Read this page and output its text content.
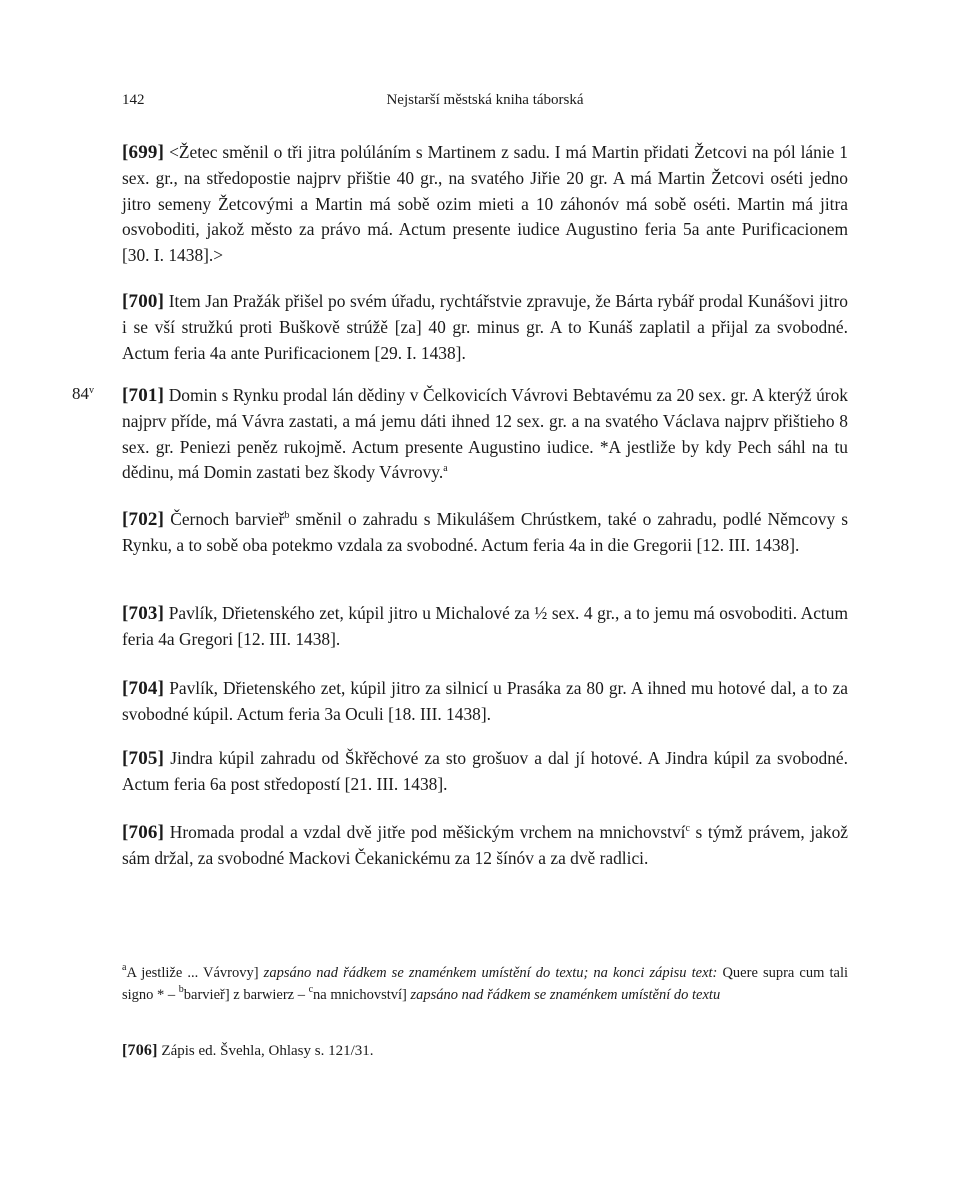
142	Nejstarší městská kniha táborská
[ 699 ] <Žetec směnil o tři jitra polúláním s Martinem z sadu. I má Martin přidati Žetcovi na pól lánie 1 sex. gr., na středopostie najprv přištie 40 gr., na svatého Jiřie 20 gr. A má Martin Žetcovi oséti jedno jitro semeny Žetcovými a Martin má sobě ozim mieti a 10 záhonóv má sobě oséti. Martin má jitra osvoboditi, jakož město za právo má. Actum presente iudice Augustino feria 5a ante Purificacionem [30. I. 1438].>
[ 700 ] Item Jan Pražák přišel po svém úřadu, rychtářstvie zpravuje, že Bárta rybář prodal Kunášovi jitro i se vší stružkú proti Buškově strúžě [za] 40 gr. minus gr. A to Kunáš zaplatil a přijal za svobodné. Actum feria 4a ante Purificacionem [29. I. 1438].
84$^v$
[	701 ] Domin s Rynku prodal lán dědiny v Čelkovicích Vávrovi Bebtavému za 20 sex. gr. A kterýž úrok najprv příde, má Vávra zastati, a má jemu dáti ihned 12 sex. gr. a na svatého Václava najprv přištieho 8 sex. gr. Peniezi peněz rukojmě. Actum presente Augustino iudice. *A jestliže by kdy Pech sáhl na tu dědinu, má Domin zastati bez škody Vávrovy.$^a$
[ 702 ] Černoch barvieř$^b$ směnil o zahradu s Mikulášem Chrústkem, také o zahradu, podlé Němcovy s Rynku, a to sobě oba potekmo vzdala za svobodné. Actum feria 4a in die Gregorii [12. III. 1438].
[ 703 ] Pavlík, Dřietenského zet, kúpil jitro u Michalové za ½ sex. 4 gr., a to jemu má osvoboditi. Actum feria 4a Gregori [12. III. 1438].
[ 704 ] Pavlík, Dřietenského zet, kúpil jitro za silnicí u Prasáka za 80 gr. A ihned mu hotové dal, a to za svobodné kúpil. Actum feria 3a Oculi [18. III. 1438].
[ 705 ] Jindra kúpil zahradu od Škřěchové za sto grošuov a dal jí hotové. A Jindra kúpil za svobodné. Actum feria 6a post středopostí [21. III. 1438].
[ 706 ] Hromada prodal a vzdal dvě jitře pod měšickým vrchem na mnichovství$^c$ s týmž právem, jakož sám držal, za svobodné Mackovi Čekanickému za 12 šínóv a za dvě radlici.
$^a$A jestliže ... Vávrovy] zapsáno nad řádkem se znaménkem umístění do textu; na konci zápisu text: Quere supra cum tali signo * – $^b$barvieř] z barwierz – $^c$na mnichovství] zapsáno nad řádkem se znaménkem umístění do textu
[ 706 ] Zápis ed. Švehla, Ohlasy s. 121/31.
